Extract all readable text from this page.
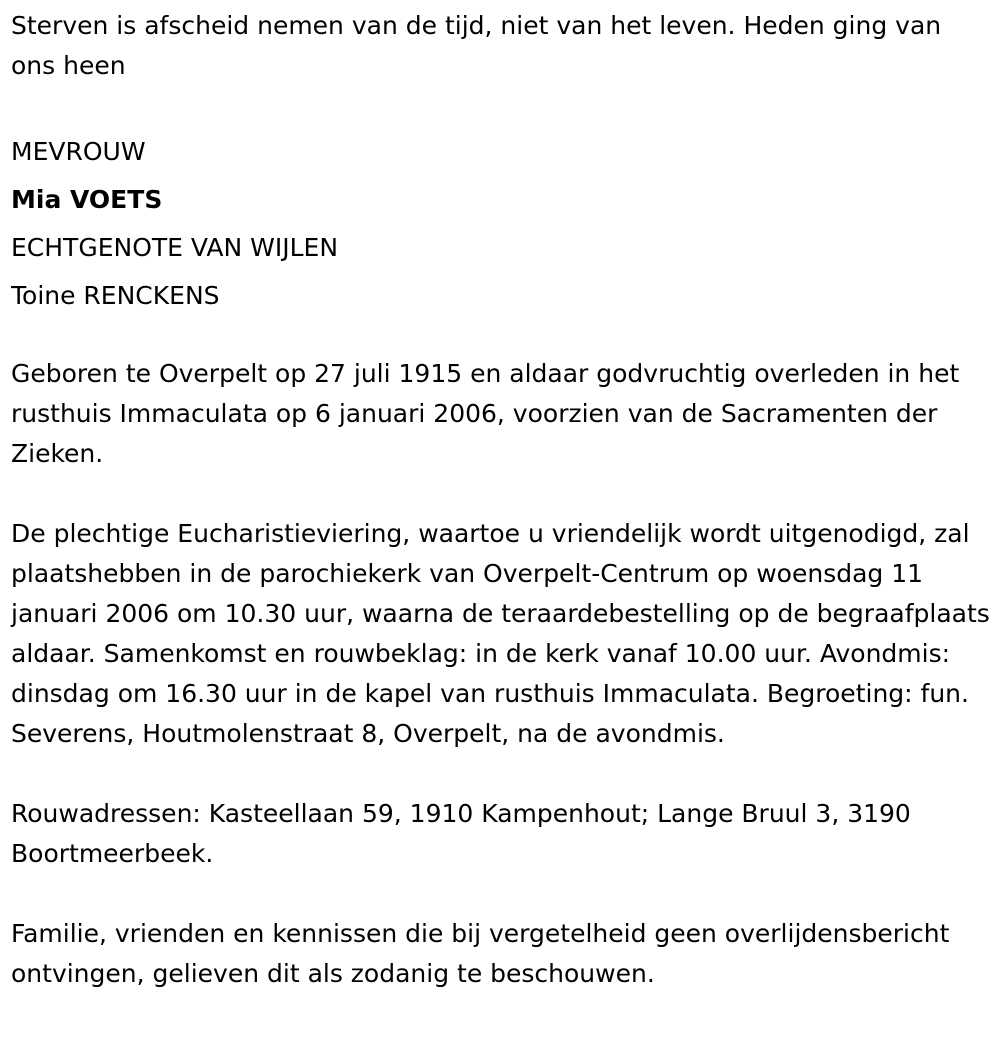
Sterven is afscheid nemen van de tijd, niet van het leven. Heden ging van ons heen

MEVROUW
Mia VOETS
ECHTGENOTE VAN WIJLEN
Toine RENCKENS

Geboren te Overpelt op 27 juli 1915 en aldaar godvruchtig overleden in het rusthuis Immaculata op 6 januari 2006, voorzien van de Sacramenten der Zieken.

De plechtige Eucharistieviering, waartoe u vriendelijk wordt uitgenodigd, zal plaatshebben in de parochiekerk van Overpelt-Centrum op woensdag 11 januari 2006 om 10.30 uur, waarna de teraardebestelling op de begraafplaats aldaar. Samenkomst en rouwbeklag: in de kerk vanaf 10.00 uur. Avondmis: dinsdag om 16.30 uur in de kapel van rusthuis Immaculata. Begroeting: fun. Severens, Houtmolenstraat 8, Overpelt, na de avondmis.

Rouwadressen: Kasteellaan 59, 1910 Kampenhout; Lange Bruul 3, 3190 Boortmeerbeek.

Familie, vrienden en kennissen die bij vergetelheid geen overlijdensbericht ontvingen, gelieven dit als zodanig te beschouwen.
